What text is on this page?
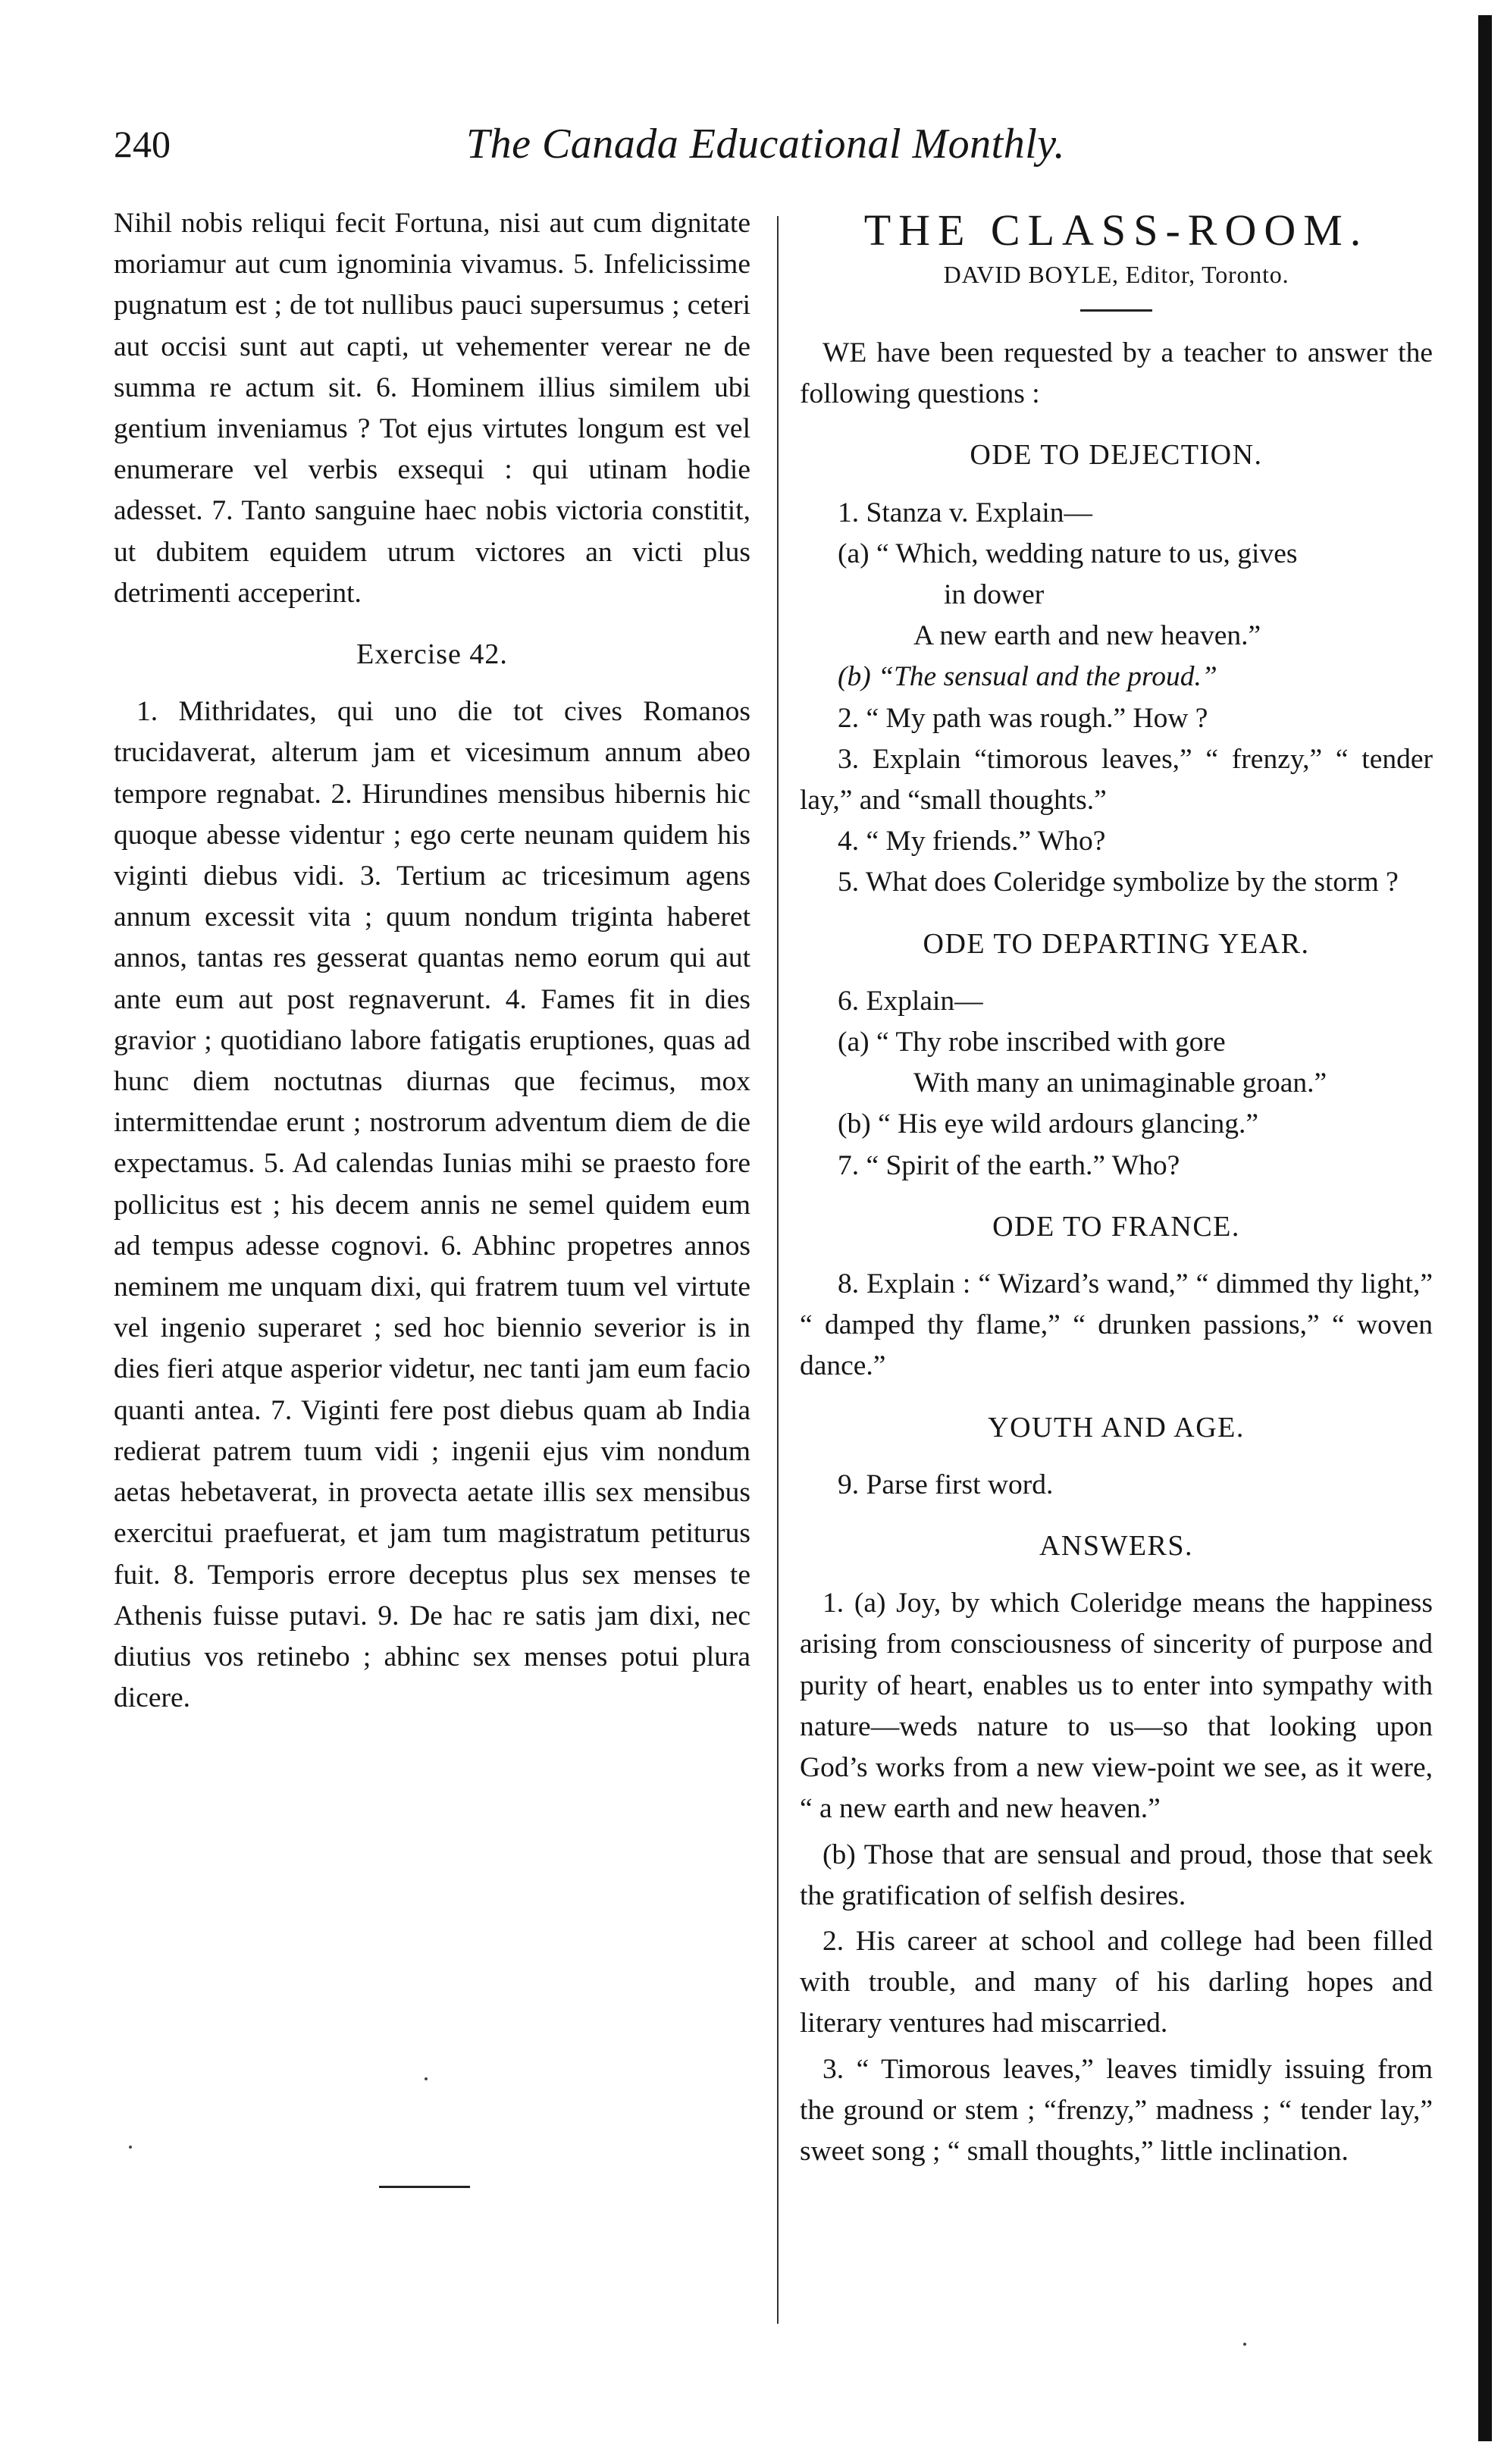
240	The Canada Educational Monthly.

Nihil nobis reliqui fecit Fortuna, nisi aut cum dignitate moriamur aut cum ignominia vivamus. 5. Infelicissime pugnatum est ; de tot nullibus pauci supersumus ; ceteri aut occisi sunt aut capti, ut vehementer verear ne de summa re actum sit. 6. Hominem illius similem ubi gentium inveniamus ? Tot ejus virtutes longum est vel enumerare vel verbis exsequi : qui utinam hodie adesset. 7. Tanto sanguine haec nobis victoria constitit, ut dubitem equidem utrum victores an victi plus detrimenti acceperint.

Exercise 42.

1. Mithridates, qui uno die tot cives Romanos trucidaverat, alterum jam et vicesimum annum abeo tempore regnabat. 2. Hirundines mensibus hibernis hic quoque abesse videntur ; ego certe neunam quidem his viginti diebus vidi. 3. Tertium ac tricesimum agens annum excessit vita ; quum nondum triginta haberet annos, tantas res gesserat quantas nemo eorum qui aut ante eum aut post regnaverunt. 4. Fames fit in dies gravior ; quotidiano labore fatigatis eruptiones, quas ad hunc diem noctutnas diurnas que fecimus, mox intermittendae erunt ; nostrorum adventum diem de die expectamus. 5. Ad calendas Iunias mihi se praesto fore pollicitus est ; his decem annis ne semel quidem eum ad tempus adesse cognovi. 6. Abhinc propetres annos neminem me unquam dixi, qui fratrem tuum vel virtute vel ingenio superaret ; sed hoc biennio severior is in dies fieri atque asperior videtur, nec tanti jam eum facio quanti antea. 7. Viginti fere post diebus quam ab India redierat patrem tuum vidi ; ingenii ejus vim nondum aetas hebetaverat, in provecta aetate illis sex mensibus exercitui praefuerat, et jam tum magistratum petiturus fuit. 8. Temporis errore deceptus plus sex menses te Athenis fuisse putavi. 9. De hac re satis jam dixi, nec diutius vos retinebo ; abhinc sex menses potui plura dicere.

THE CLASS-ROOM.

DAVID BOYLE, Editor, Toronto.

WE have been requested by a teacher to answer the following questions :

ODE TO DEJECTION.

1. Stanza v. Explain—

(a) “ Which, wedding nature to us, gives

in dower

A new earth and new heaven.”

(b) “The sensual and the proud.”

2. “ My path was rough.” How ?

3. Explain “timorous leaves,” “ frenzy,” “ tender lay,” and “small thoughts.”

4. “ My friends.” Who?

5. What does Coleridge symbolize by the storm ?

ODE TO DEPARTING YEAR.

6. Explain—

(a) “ Thy robe inscribed with gore

With many an unimaginable groan.”

(b) “ His eye wild ardours glancing.”

7. “ Spirit of the earth.” Who?

ODE TO FRANCE.

8. Explain : “ Wizard’s wand,” “ dimmed thy light,” “ damped thy flame,” “ drunken passions,” “ woven dance.”

YOUTH AND AGE.

9. Parse first word.

ANSWERS.

1. (a) Joy, by which Coleridge means the happiness arising from consciousness of sincerity of purpose and purity of heart, enables us to enter into sympathy with nature—weds nature to us—so that looking upon God’s works from a new view-point we see, as it were, “ a new earth and new heaven.”

(b) Those that are sensual and proud, those that seek the gratification of selfish desires.

2. His career at school and college had been filled with trouble, and many of his darling hopes and literary ventures had miscarried.

3. “ Timorous leaves,” leaves timidly issuing from the ground or stem ; “frenzy,” madness ; “ tender lay,” sweet song ; “ small thoughts,” little inclination.
